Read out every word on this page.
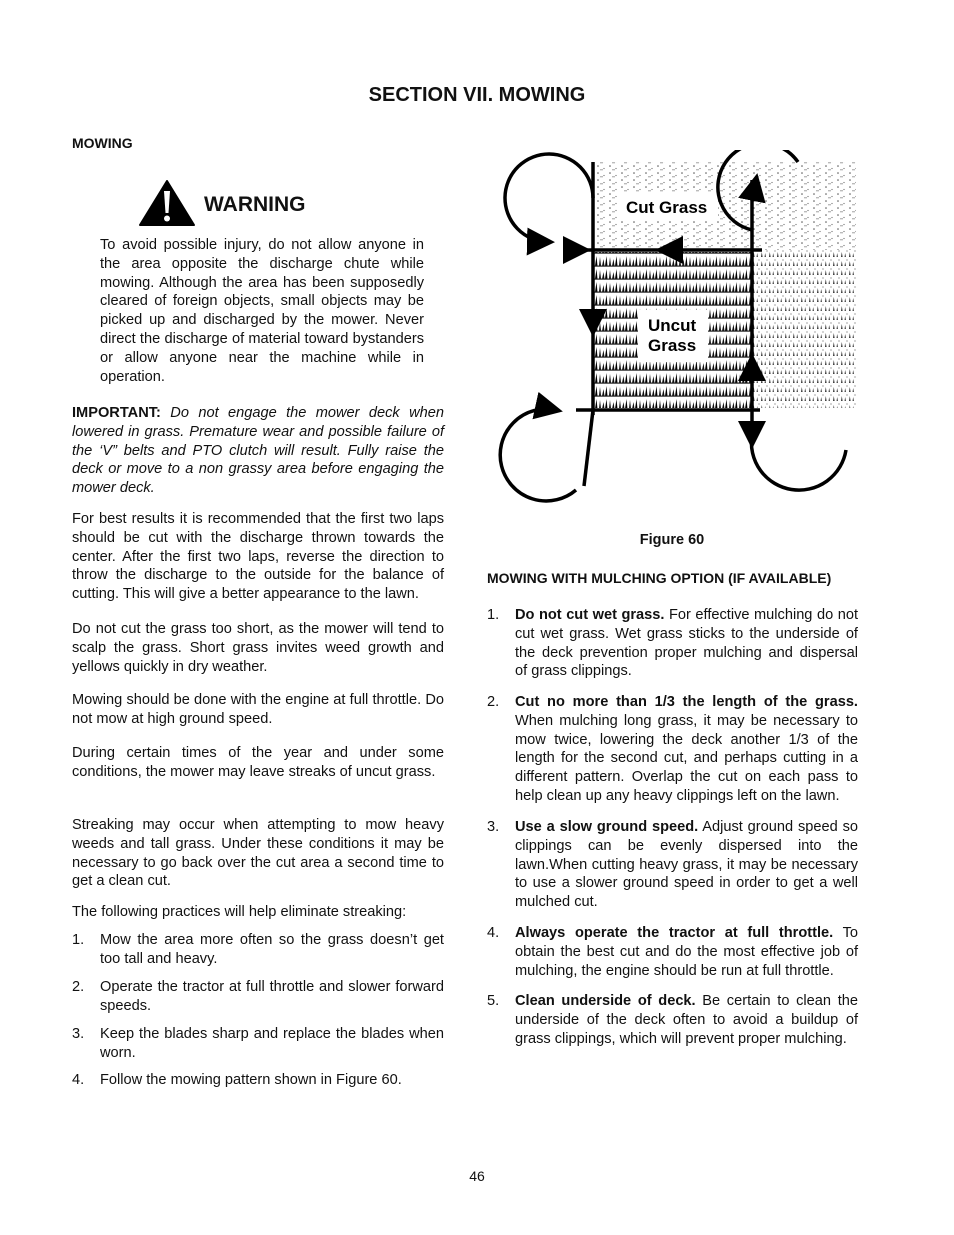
SECTION VII. MOWING
MOWING
WARNING
To avoid possible injury, do not allow anyone in the area opposite the discharge chute while mowing. Although the area has been supposedly cleared of foreign objects, small objects may be picked up and discharged by the mower. Never direct the discharge of material toward bystanders or allow anyone near the machine while in operation.
IMPORTANT: Do not engage the mower deck when lowered in grass. Premature wear and possible failure of the ‘V” belts and PTO clutch will result. Fully raise the deck or move to a non grassy area before engaging the mower deck.
For best results it is recommended that the first two laps should be cut with the discharge thrown towards the center. After the first two laps, reverse the direction to throw the discharge to the outside for the balance of cutting. This will give a better appearance to the lawn.
Do not cut the grass too short, as the mower will tend to scalp the grass. Short grass invites weed growth and yellows quickly in dry weather.
Mowing should be done with the engine at full throttle. Do not mow at high ground speed.
During certain times of the year and under some conditions, the mower may leave streaks of uncut grass.
Streaking may occur when attempting to mow heavy weeds and tall grass. Under these conditions it may be necessary to go back over the cut area a second time to get a clean cut.
The following practices will help eliminate streaking:
1. Mow the area more often so the grass doesn’t get too tall and heavy.
2. Operate the tractor at full throttle and slower forward speeds.
3. Keep the blades sharp and replace the blades when worn.
4. Follow the mowing pattern shown in Figure 60.
Cut Grass
Uncut
Grass
Figure 60
MOWING WITH MULCHING OPTION (IF AVAILABLE)
1. Do not cut wet grass. For effective mulching do not cut wet grass. Wet grass sticks to the underside of the deck prevention proper mulching and dispersal of grass clippings.
2. Cut no more than 1/3 the length of the grass. When mulching long grass, it may be necessary to mow twice, lowering the deck another 1/3 of the length for the second cut, and perhaps cutting in a different pattern. Overlap the cut on each pass to help clean up any heavy clippings left on the lawn.
3. Use a slow ground speed. Adjust ground speed so clippings can be evenly dispersed into the lawn.When cutting heavy grass, it may be necessary to use a slower ground speed in order to get a well mulched cut.
4. Always operate the tractor at full throttle. To obtain the best cut and do the most effective job of mulching, the engine should be run at full throttle.
5. Clean underside of deck. Be certain to clean the underside of the deck often to avoid a buildup of grass clippings, which will prevent proper mulching.
46
